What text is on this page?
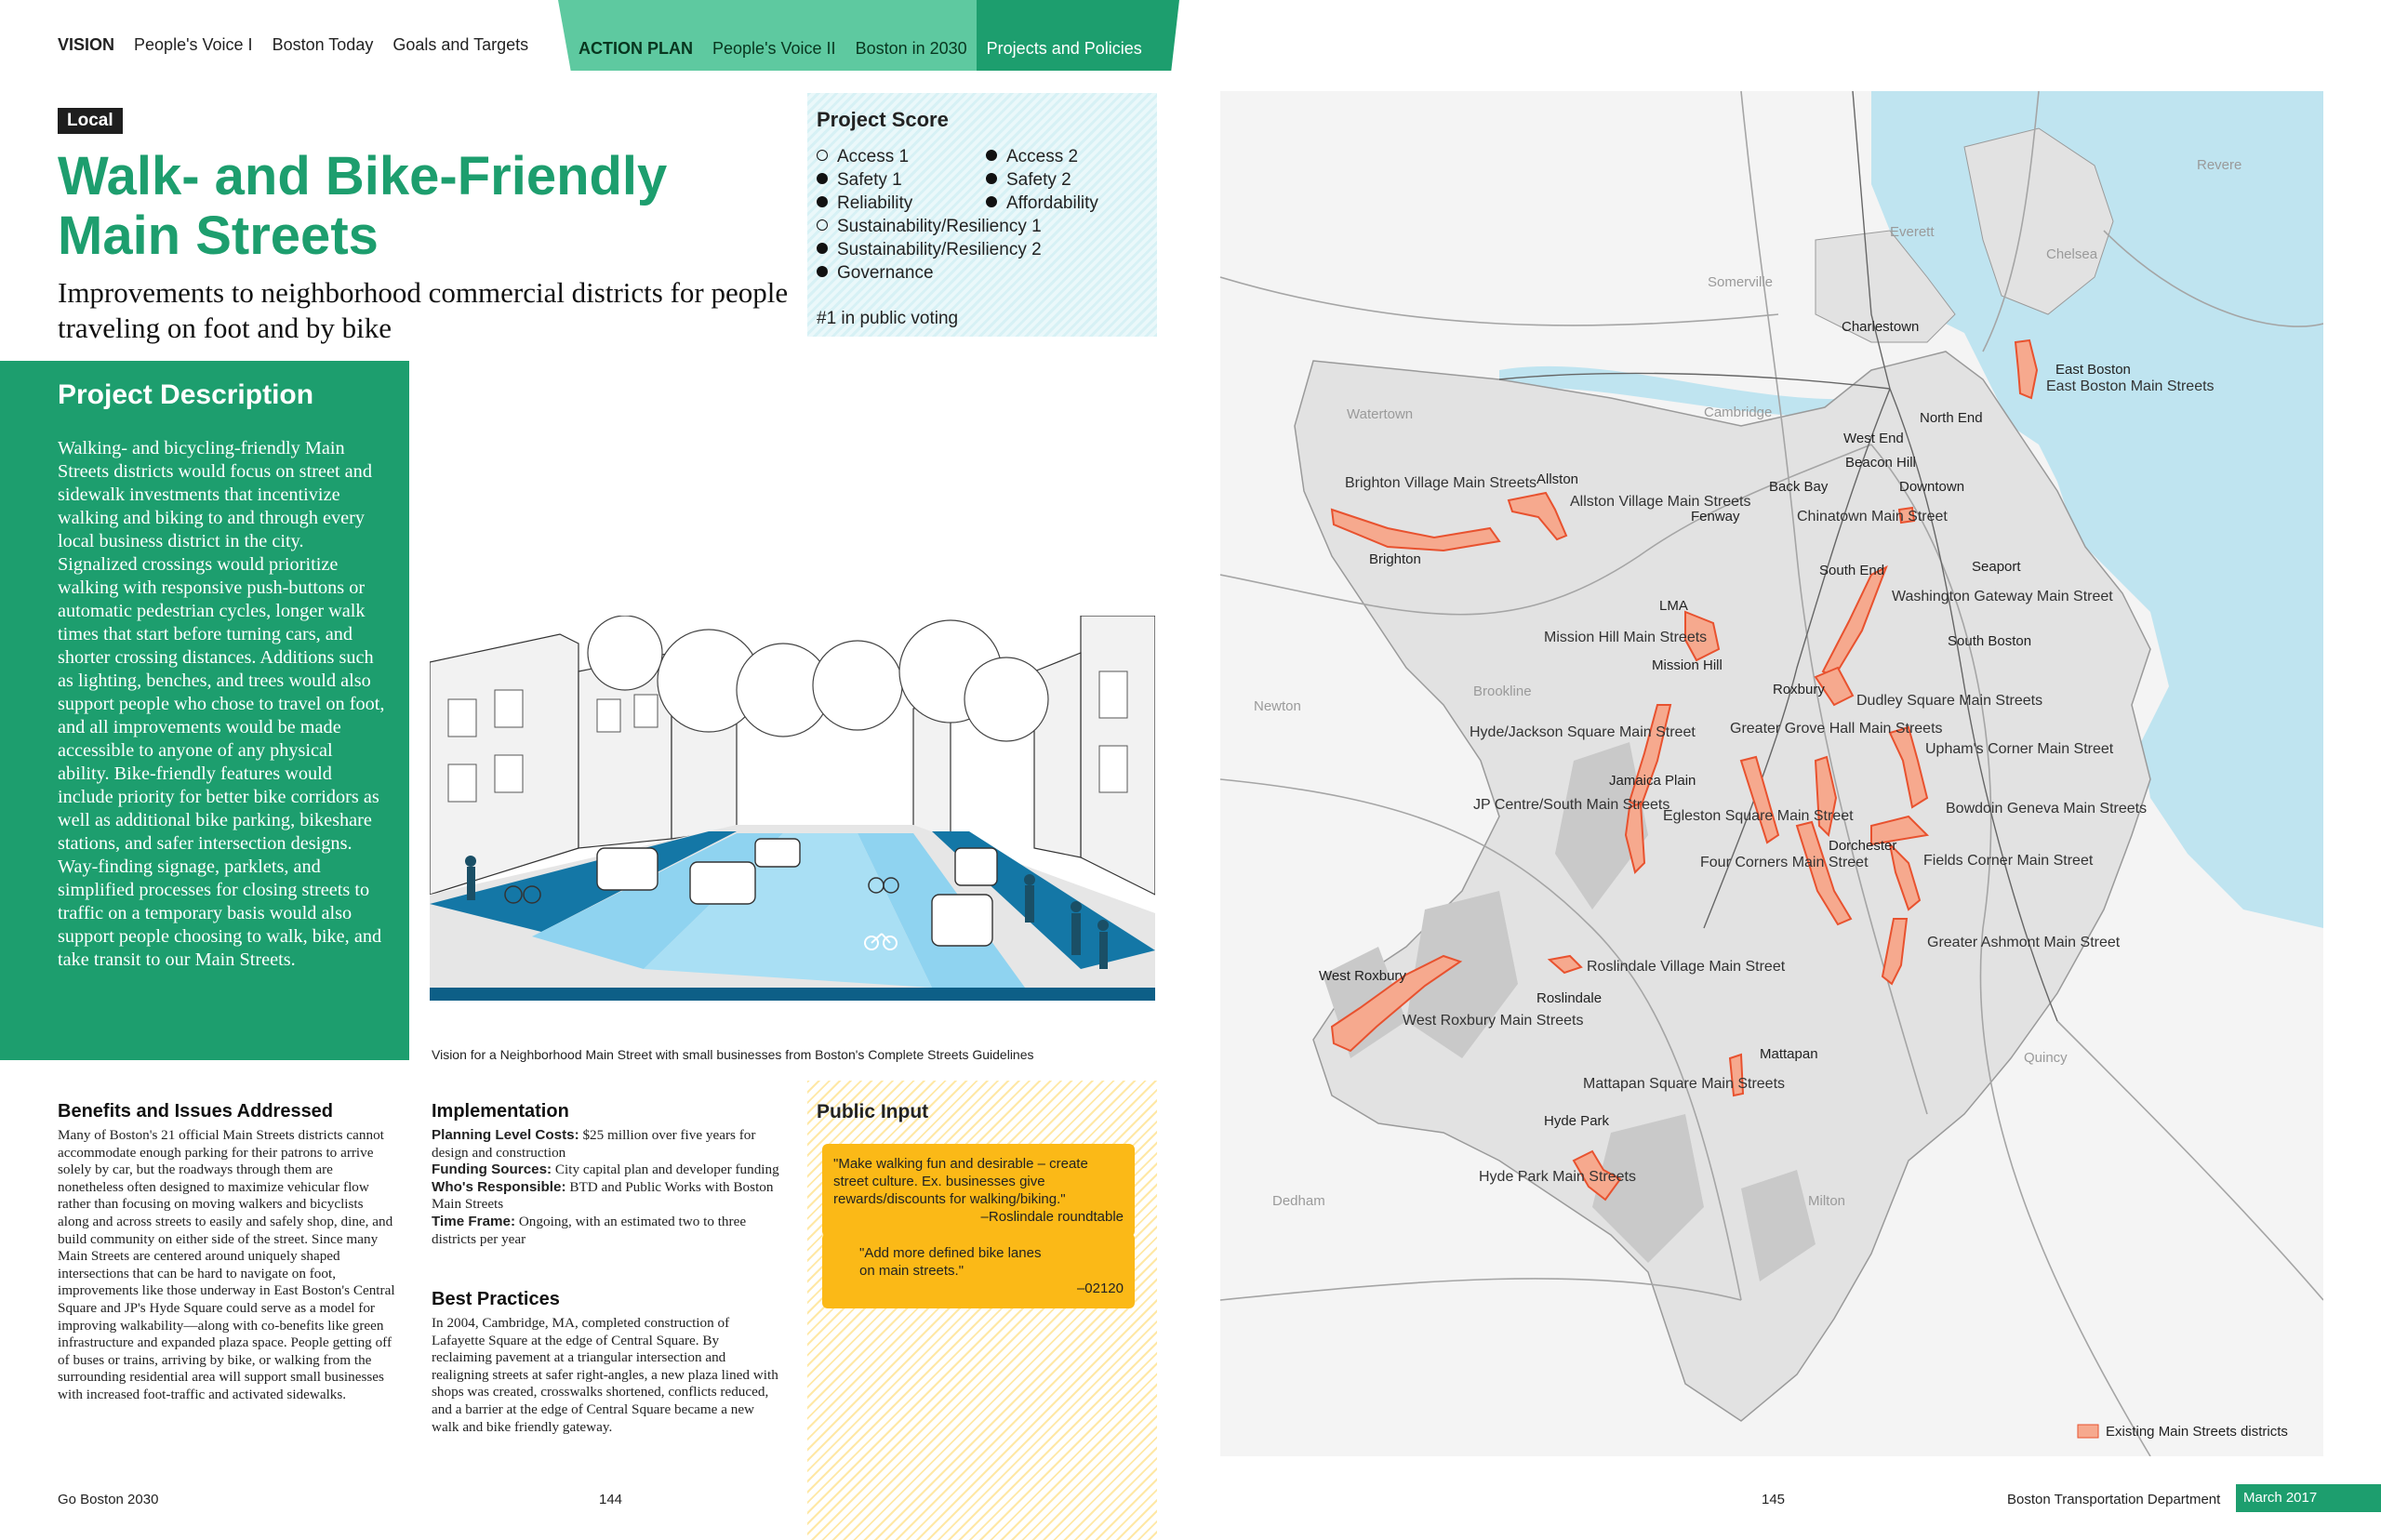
VISION People's Voice I Boston Today Goals and Targets	ACTION PLAN People's Voice II Boston in 2030 Projects and Policies
Local
Walk- and Bike-Friendly
Main Streets
Improvements to neighborhood commercial districts for people traveling on foot and by bike
Project Score
Access 1	Access 2
Safety 1	Safety 2
Reliability	Affordability
Sustainability/Resiliency 1
Sustainability/Resiliency 2
Governance
#1 in public voting
Project Description

Walking- and bicycling-friendly Main Streets districts would focus on street and sidewalk investments that incentivize walking and biking to and through every local business district in the city. Signalized crossings would prioritize walking with responsive push-buttons or automatic pedestrian cycles, longer walk times that start before turning cars, and shorter crossing distances. Additions such as lighting, benches, and trees would also support people who chose to travel on foot, and all improvements would be made accessible to anyone of any physical ability. Bike-friendly features would include priority for better bike corridors as well as additional bike parking, bikeshare stations, and safer intersection designs. Way-finding signage, parklets, and simplified processes for closing streets to traffic on a temporary basis would also support people choosing to walk, bike, and take transit to our Main Streets.

Vision for a Neighborhood Main Street with small businesses from Boston's Complete Streets Guidelines
Benefits and Issues Addressed
Many of Boston's 21 official Main Streets districts cannot accommodate enough parking for their patrons to arrive solely by car, but the roadways through them are nonetheless often designed to maximize vehicular flow rather than focusing on moving walkers and bicyclists along and across streets to easily and safely shop, dine, and build community on either side of the street. Since many Main Streets are centered around uniquely shaped intersections that can be hard to navigate on foot, improvements like those underway in East Boston's Central Square and JP's Hyde Square could serve as a model for improving walkability—along with co-benefits like green infrastructure and expanded plaza space. People getting off of buses or trains, arriving by bike, or walking from the surrounding residential area will support small businesses with increased foot-traffic and activated sidewalks.
Implementation
Planning Level Costs: $25 million over five years for design and construction
Funding Sources: City capital plan and developer funding
Who's Responsible: BTD and Public Works with Boston Main Streets
Time Frame: Ongoing, with an estimated two to three districts per year
Best Practices
In 2004, Cambridge, MA, completed construction of Lafayette Square at the edge of Central Square. By reclaiming pavement at a triangular intersection and realigning streets at safer right-angles, a new plaza lined with shops was created, crosswalks shortened, conflicts reduced, and a barrier at the edge of Central Square became a new walk and bike friendly gateway.
Public Input
"Make walking fun and desirable – create street culture. Ex. businesses give rewards/discounts for walking/biking."
–Roslindale roundtable
"Add more defined bike lanes on main streets."
–02120
Revere
Everett
Chelsea
Somerville
Watertown	Cambridge
Newton
Brookline
Dedham	Milton
Quincy
Charlestown
East Boston
North End
West End
Beacon Hill
Back Bay	Downtown
Allston
Brighton
Fenway
South End	Seaport
LMA
Mission Hill
South Boston
Roxbury
Jamaica Plain
Dorchester
West Roxbury
Roslindale
Mattapan
Hyde Park
East Boston Main Streets
Brighton Village Main Streets
Allston Village Main Streets
Chinatown Main Street
Washington Gateway Main Street
Mission Hill Main Streets
Dudley Square Main Streets
Hyde/Jackson Square Main Street Greater Grove Hall Main Streets
Upham's Corner Main Street
JP Centre/South Main Streets
Egleston Square Main Street	Bowdoin Geneva Main Streets
Four Corners Main Street	Fields Corner Main Street
Greater Ashmont Main Street
Roslindale Village Main Street
West Roxbury Main Streets
Mattapan Square Main Streets
Hyde Park Main Streets
Existing Main Streets districts
Go Boston 2030	144	145	Boston Transportation Department	March 2017
